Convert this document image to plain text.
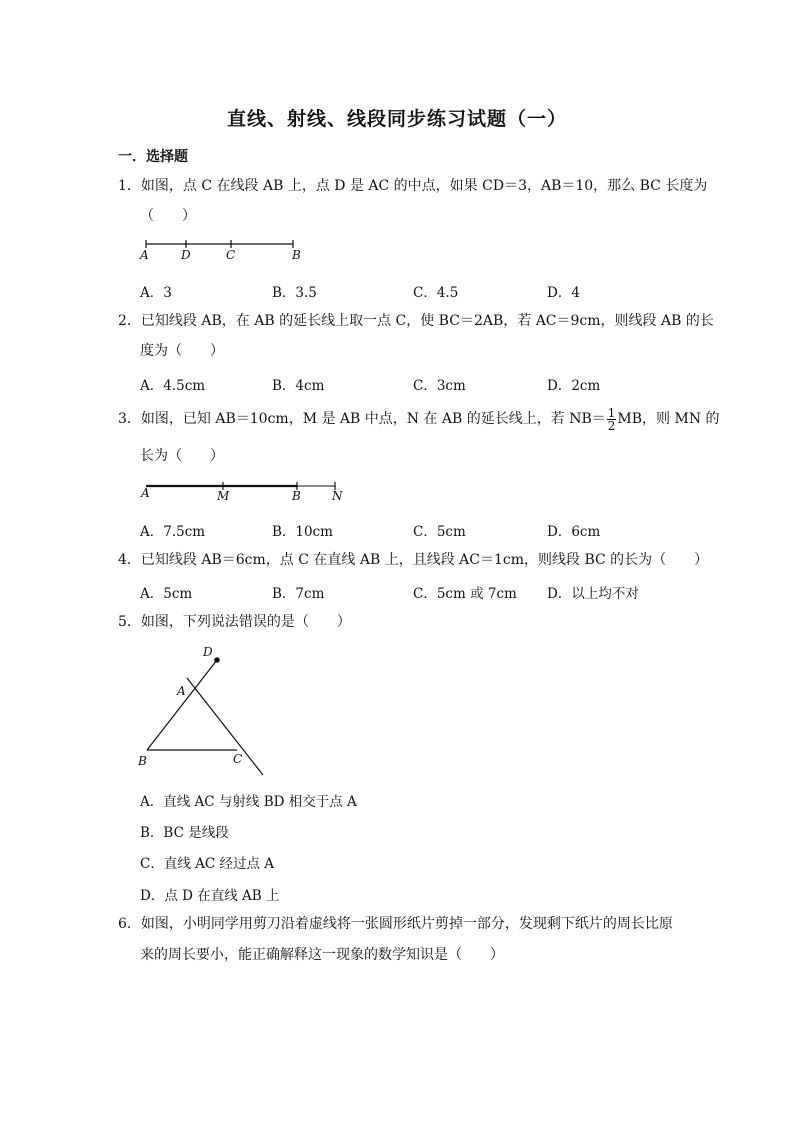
直线、射线、线段同步练习试题（一）
一．选择题
1．如图，点 C 在线段 AB 上，点 D 是 AC 的中点，如果 CD＝3，AB＝10，那么 BC 长度为
（　　）
A	D	C	B
A．3	B．3.5	C．4.5	D．4
2．已知线段 AB，在 AB 的延长线上取一点 C，使 BC＝2AB，若 AC＝9cm，则线段 AB 的长
度为（　　）
A．4.5cm	B．4cm	C．3cm	D．2cm
3．如图，已知 AB＝10cm，M 是 AB 中点，N 在 AB 的延长线上，若 $NB= \frac{1}{2}$ MB，则 MN 的
长为（　　）
A	M	B	N
A．7.5cm	B．10cm	C．5cm	D．6cm
4．已知线段 AB＝6cm，点 C 在直线 AB 上，且线段 AC＝1cm，则线段 BC 的长为（　　）
A．5cm	B．7cm	C．5cm 或 7cm D．以上均不对
5．如图，下列说法错误的是（　　）
D
A
B	C
A．直线 AC 与射线 BD 相交于点 A
B．BC 是线段
C．直线 AC 经过点 A
D．点 D 在直线 AB 上
6．如图，小明同学用剪刀沿着虚线将一张圆形纸片剪掉一部分，发现剩下纸片的周长比原
来的周长要小，能正确解释这一现象的数学知识是（　　）
